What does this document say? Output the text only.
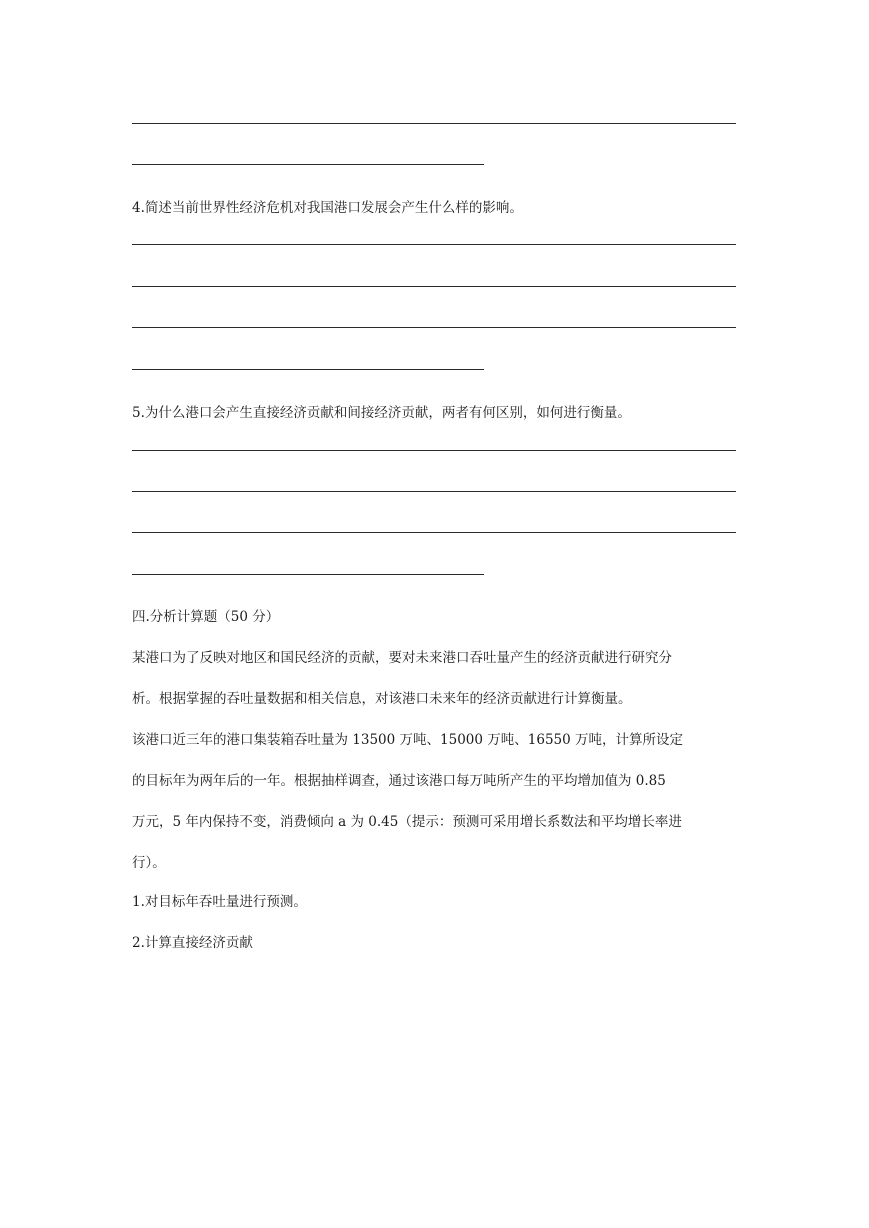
4.简述当前世界性经济危机对我国港口发展会产生什么样的影响。
5.为什么港口会产生直接经济贡献和间接经济贡献，两者有何区别，如何进行衡量。
四.分析计算题（50 分）
某港口为了反映对地区和国民经济的贡献，要对未来港口吞吐量产生的经济贡献进行研究分
析。根据掌握的吞吐量数据和相关信息，对该港口未来年的经济贡献进行计算衡量。
该港口近三年的港口集装箱吞吐量为 13500 万吨、15000 万吨、16550 万吨，计算所设定
的目标年为两年后的一年。根据抽样调查，通过该港口每万吨所产生的平均增加值为 0.85
万元，5 年内保持不变，消费倾向 a 为 0.45（提示：预测可采用增长系数法和平均增长率进
行）。
1.对目标年吞吐量进行预测。
2.计算直接经济贡献
